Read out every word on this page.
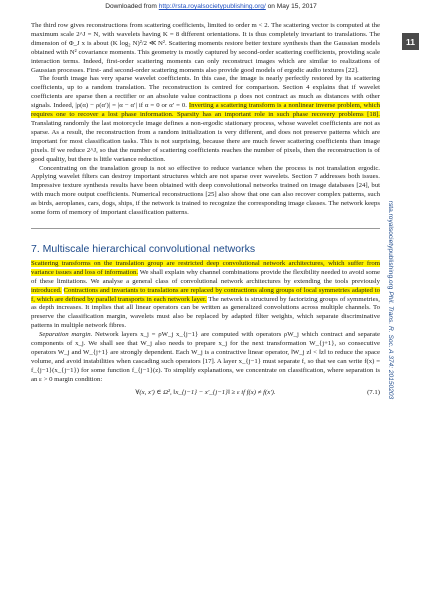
Downloaded from http://rsta.royalsocietypublishing.org/ on May 15, 2017
11
rsta.royalsocietypublishing.org Phil. Trans. R. Soc. A 374: 20150203

The third row gives reconstructions from scattering coefficients, limited to order m < 2. The scattering vector is computed at the maximum scale 2^J = N, with wavelets having K = 8 different orientations. It is thus completely invariant to translations. The dimension of Φ_J x is about (K log₂ N)²/2 ≪ N². Scattering moments restore better texture synthesis than the Gaussian models obtained with N² covariance moments. This geometry is mostly captured by second-order scattering coefficients, providing scale interaction terms. Indeed, first-order scattering moments can only reconstruct images which are similar to realizations of Gaussian processes. First- and second-order scattering moments also provide good models of ergodic audio textures [22].

The fourth image has very sparse wavelet coefficients. In this case, the image is nearly perfectly restored by its scattering coefficients, up to a random translation. The reconstruction is centred for comparison. Section 4 explains that if wavelet coefficients are sparse then a rectifier or an absolute value contractions ρ does not contract as much as distances with other signals. Indeed, |ρ(α) − ρ(α′)| = |α − α′| if α = 0 or α′ = 0. Inverting a scattering transform is a nonlinear inverse problem, which requires one to recover a lost phase information. Sparsity has an important role in such phase recovery problems [18]. Translating randomly the last motorcycle image defines a non-ergodic stationary process, whose wavelet coefficients are not as sparse. As a result, the reconstruction from a random initialization is very different, and does not preserve patterns which are important for most classification tasks. This is not surprising, because there are much fewer scattering coefficients than image pixels. If we reduce 2^J, so that the number of scattering coefficients reaches the number of pixels, then the reconstruction is of good quality, but there is little variance reduction.

Concentrating on the translation group is not so effective to reduce variance when the process is not translation ergodic. Applying wavelet filters can destroy important structures which are not sparse over wavelets. Section 7 addresses both issues. Impressive texture synthesis results have been obtained with deep convolutional networks trained on image databases [24], but with much more output coefficients. Numerical reconstructions [25] also show that one can also recover complex patterns, such as birds, aeroplanes, cars, dogs, ships, if the network is trained to recognize the corresponding image classes. The network keeps some form of memory of important classification patterns.

7. Multiscale hierarchical convolutional networks

Scattering transforms on the translation group are restricted deep convolutional network architectures, which suffer from variance issues and loss of information. We shall explain why channel combinations provide the flexibility needed to avoid some of these limitations. We analyse a general class of convolutional network architectures by extending the tools previously introduced. Contractions and invariants to translations are replaced by contractions along groups of local symmetries adapted to f, which are defined by parallel transports in each network layer. The network is structured by factorizing groups of symmetries, as depth increases. It implies that all linear operators can be written as generalized convolutions across multiple channels. To preserve the classification margin, wavelets must also be replaced by adapted filter weights, which separate discriminative patterns in multiple network fibres.

Separation margin. Network layers x_j = ρW_j x_{j−1} are computed with operators ρW_j which contract and separate components of x_j. We shall see that W_j also needs to prepare x_j for the next transformation W_{j+1}, so consecutive operators W_j and W_{j+1} are strongly dependent. Each W_j is a contractive linear operator, ‖W_j z‖ < ‖z‖ to reduce the space volume, and avoid instabilities when cascading such operators [17]. A layer x_{j−1} must separate f, so that we can write f(x) = f_{j−1}(x_{j−1}) for some function f_{j−1}(z). To simplify explanations, we concentrate on classification, where separation is an ε > 0 margin condition:

∀(x, x′) ∈ Ω², ‖x_{j−1} − x′_{j−1}‖ ≥ ε if f(x) ≠ f(x′).	(7.1)
